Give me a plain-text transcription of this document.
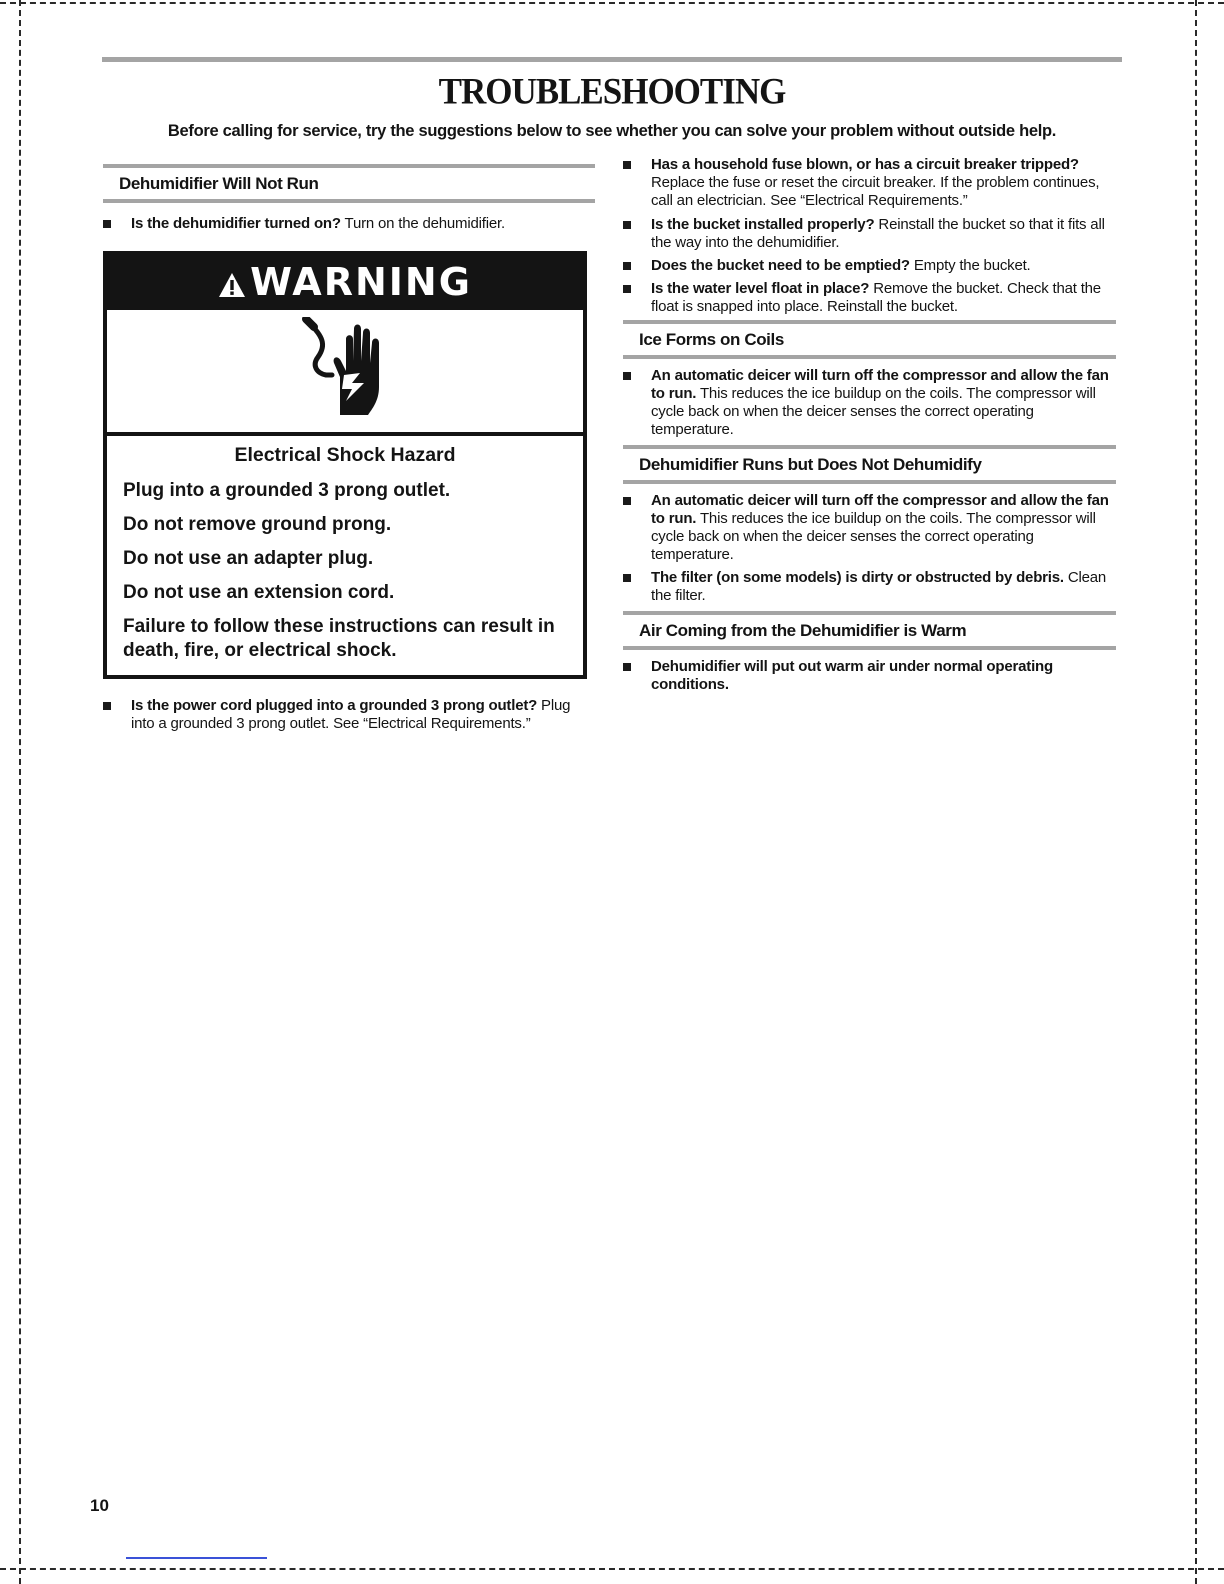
TROUBLESHOOTING
Before calling for service, try the suggestions below to see whether you can solve your problem without outside help.
Dehumidifier Will Not Run
Is the dehumidifier turned on? Turn on the dehumidifier.
WARNING
Electrical Shock Hazard
Plug into a grounded 3 prong outlet.
Do not remove ground prong.
Do not use an adapter plug.
Do not use an extension cord.
Failure to follow these instructions can result in death, fire, or electrical shock.
Is the power cord plugged into a grounded 3 prong outlet? Plug into a grounded 3 prong outlet. See “Electrical Requirements.”
Has a household fuse blown, or has a circuit breaker tripped? Replace the fuse or reset the circuit breaker. If the problem continues, call an electrician. See “Electrical Requirements.”
Is the bucket installed properly? Reinstall the bucket so that it fits all the way into the dehumidifier.
Does the bucket need to be emptied? Empty the bucket.
Is the water level float in place? Remove the bucket. Check that the float is snapped into place. Reinstall the bucket.
Ice Forms on Coils
An automatic deicer will turn off the compressor and allow the fan to run. This reduces the ice buildup on the coils. The compressor will cycle back on when the deicer senses the correct operating temperature.
Dehumidifier Runs but Does Not Dehumidify
An automatic deicer will turn off the compressor and allow the fan to run. This reduces the ice buildup on the coils. The compressor will cycle back on when the deicer senses the correct operating temperature.
The filter (on some models) is dirty or obstructed by debris. Clean the filter.
Air Coming from the Dehumidifier is Warm
Dehumidifier will put out warm air under normal operating conditions.
10
